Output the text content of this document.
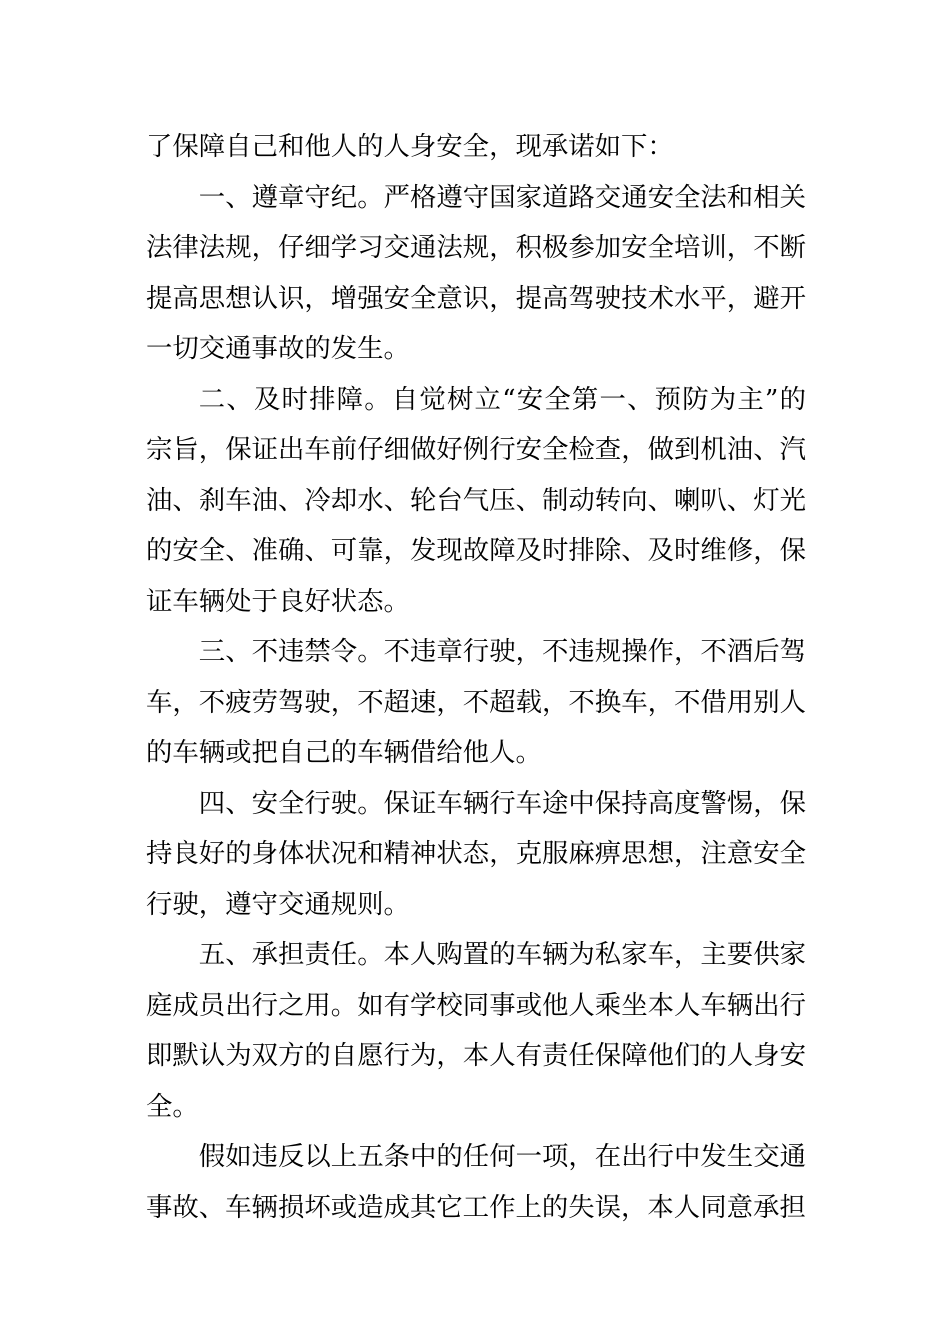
了保障自己和他人的人身安全，现承诺如下：

一、遵章守纪。严格遵守国家道路交通安全法和相关法律法规，仔细学习交通法规，积极参加安全培训，不断提高思想认识，增强安全意识，提高驾驶技术水平，避开一切交通事故的发生。

二、及时排障。自觉树立“安全第一、预防为主”的宗旨，保证出车前仔细做好例行安全检查，做到机油、汽油、刹车油、冷却水、轮台气压、制动转向、喇叭、灯光的安全、准确、可靠，发现故障及时排除、及时维修，保证车辆处于良好状态。

三、不违禁令。不违章行驶，不违规操作，不酒后驾车，不疲劳驾驶，不超速，不超载，不换车，不借用别人的车辆或把自己的车辆借给他人。

四、安全行驶。保证车辆行车途中保持高度警惕，保持良好的身体状况和精神状态，克服麻痹思想，注意安全行驶，遵守交通规则。

五、承担责任。本人购置的车辆为私家车，主要供家庭成员出行之用。如有学校同事或他人乘坐本人车辆出行即默认为双方的自愿行为，本人有责任保障他们的人身安全。

假如违反以上五条中的任何一项，在出行中发生交通事故、车辆损坏或造成其它工作上的失误，本人同意承担
